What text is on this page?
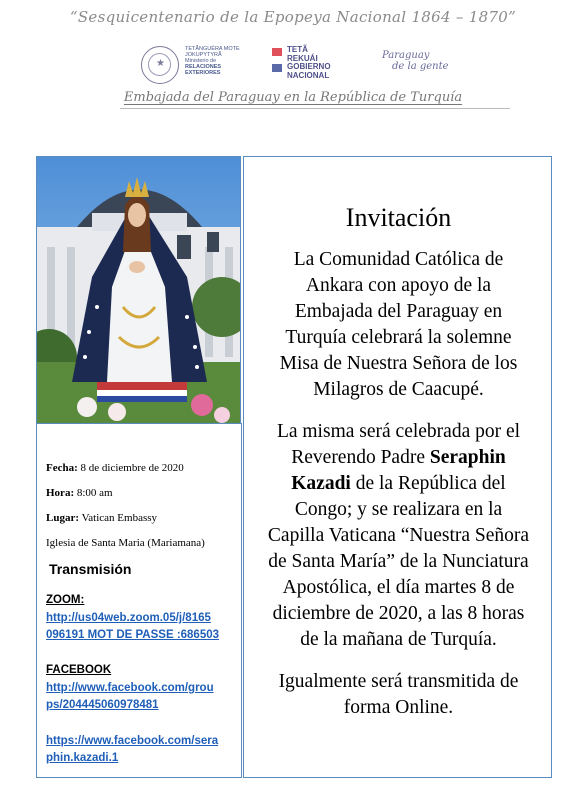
“Sesquicentenario de la Epopeya Nacional 1864 – 1870”
★
TETÃNGUÉRA MOTE
JOKUPYTYRÃ
Ministerio de
RELACIONES
EXTERIORES
TETÃ
REKUÁI
GOBIERNO
NACIONAL
Paraguay
de la gente
Embajada del Paraguay en la República de Turquía
Fecha: 8 de diciembre de 2020
Hora: 8:00 am
Lugar: Vatican Embassy
Iglesia de Santa Maria (Mariamana)
Transmisión
ZOOM:
http://us04web.zoom.05/j/8165
096191 MOT DE PASSE :686503
FACEBOOK
http://www.facebook.com/grou
ps/204445060978481
https://www.facebook.com/sera
phin.kazadi.1
Invitación
La Comunidad Católica de
Ankara con apoyo de la
Embajada del Paraguay en
Turquía celebrará la solemne
Misa de Nuestra Señora de los
Milagros de Caacupé.
La misma será celebrada por el
Reverendo Padre Seraphin
Kazadi de la República del
Congo; y se realizara en la
Capilla Vaticana “Nuestra Señora
de Santa María” de la Nunciatura
Apostólica, el día martes 8 de
diciembre de 2020, a las 8 horas
de la mañana de Turquía.
Igualmente será transmitida de
forma Online.
